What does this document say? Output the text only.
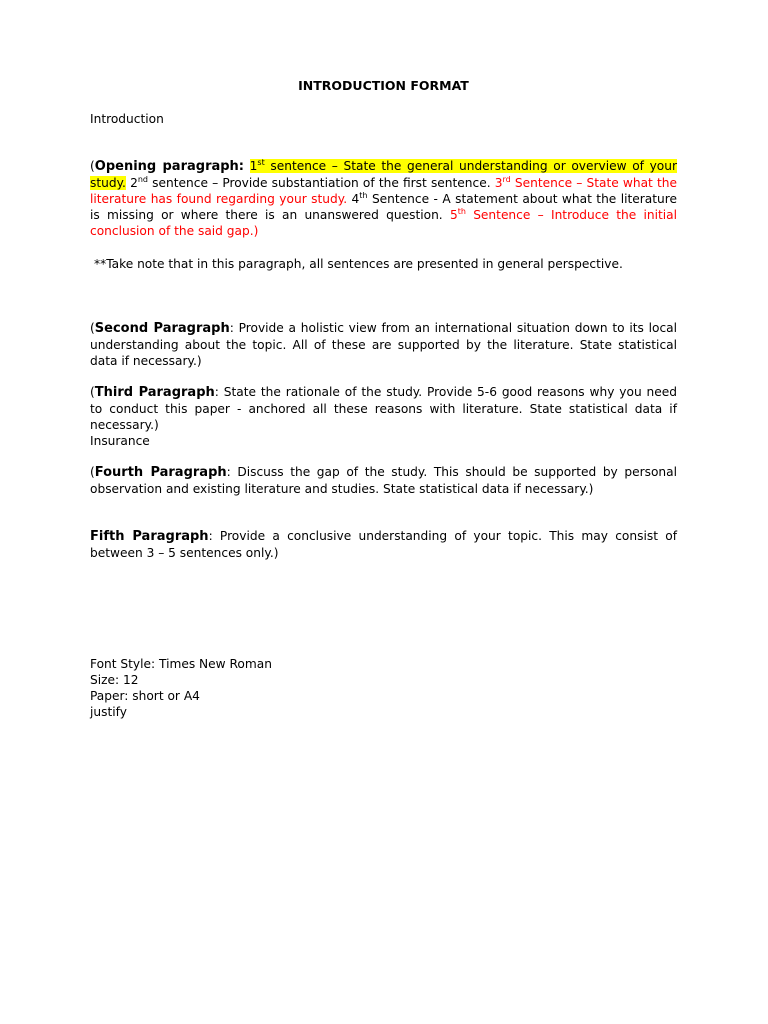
INTRODUCTION FORMAT
Introduction
(Opening paragraph: 1st sentence – State the general understanding or overview of your study. 2nd sentence – Provide substantiation of the first sentence. 3rd Sentence – State what the literature has found regarding your study. 4th Sentence - A statement about what the literature is missing or where there is an unanswered question. 5th Sentence – Introduce the initial conclusion of the said gap.)
**Take note that in this paragraph, all sentences are presented in general perspective.
(Second Paragraph: Provide a holistic view from an international situation down to its local understanding about the topic. All of these are supported by the literature. State statistical data if necessary.)
(Third Paragraph: State the rationale of the study. Provide 5-6 good reasons why you need to conduct this paper - anchored all these reasons with literature. State statistical data if necessary.)
Insurance
(Fourth Paragraph: Discuss the gap of the study. This should be supported by personal observation and existing literature and studies. State statistical data if necessary.)
Fifth Paragraph: Provide a conclusive understanding of your topic. This may consist of between 3 – 5 sentences only.)
Font Style: Times New Roman
Size: 12
Paper: short or A4
justify
